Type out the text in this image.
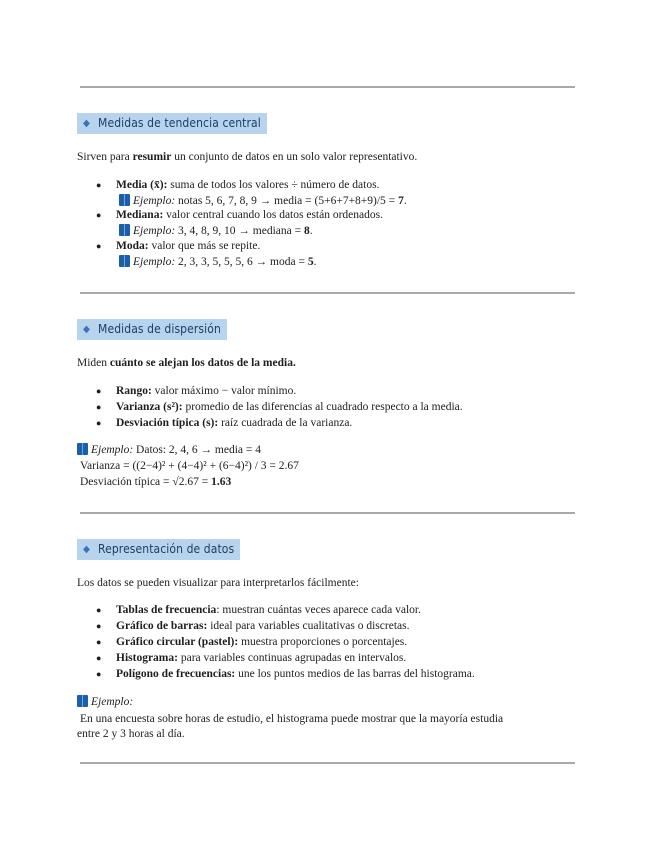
◆ Medidas de tendencia central
Sirven para resumir un conjunto de datos en un solo valor representativo.
● Media (x̄): suma de todos los valores ÷ número de datos.
Ejemplo: notas 5, 6, 7, 8, 9 → media = (5+6+7+8+9)/5 = 7.
● Mediana: valor central cuando los datos están ordenados.
Ejemplo: 3, 4, 8, 9, 10 → mediana = 8.
● Moda: valor que más se repite.
Ejemplo: 2, 3, 3, 5, 5, 5, 6 → moda = 5.
◆ Medidas de dispersión
Miden cuánto se alejan los datos de la media.
● Rango: valor máximo − valor mínimo.
● Varianza (s²): promedio de las diferencias al cuadrado respecto a la media.
● Desviación típica (s): raíz cuadrada de la varianza.
Ejemplo: Datos: 2, 4, 6 → media = 4
Varianza = ((2−4)² + (4−4)² + (6−4)²) / 3 = 2.67
Desviación típica = √2.67 = 1.63
◆ Representación de datos
Los datos se pueden visualizar para interpretarlos fácilmente:
● Tablas de frecuencia: muestran cuántas veces aparece cada valor.
● Gráfico de barras: ideal para variables cualitativas o discretas.
● Gráfico circular (pastel): muestra proporciones o porcentajes.
● Histograma: para variables continuas agrupadas en intervalos.
● Polígono de frecuencias: une los puntos medios de las barras del histograma.
Ejemplo:
En una encuesta sobre horas de estudio, el histograma puede mostrar que la mayoría estudia
entre 2 y 3 horas al día.
